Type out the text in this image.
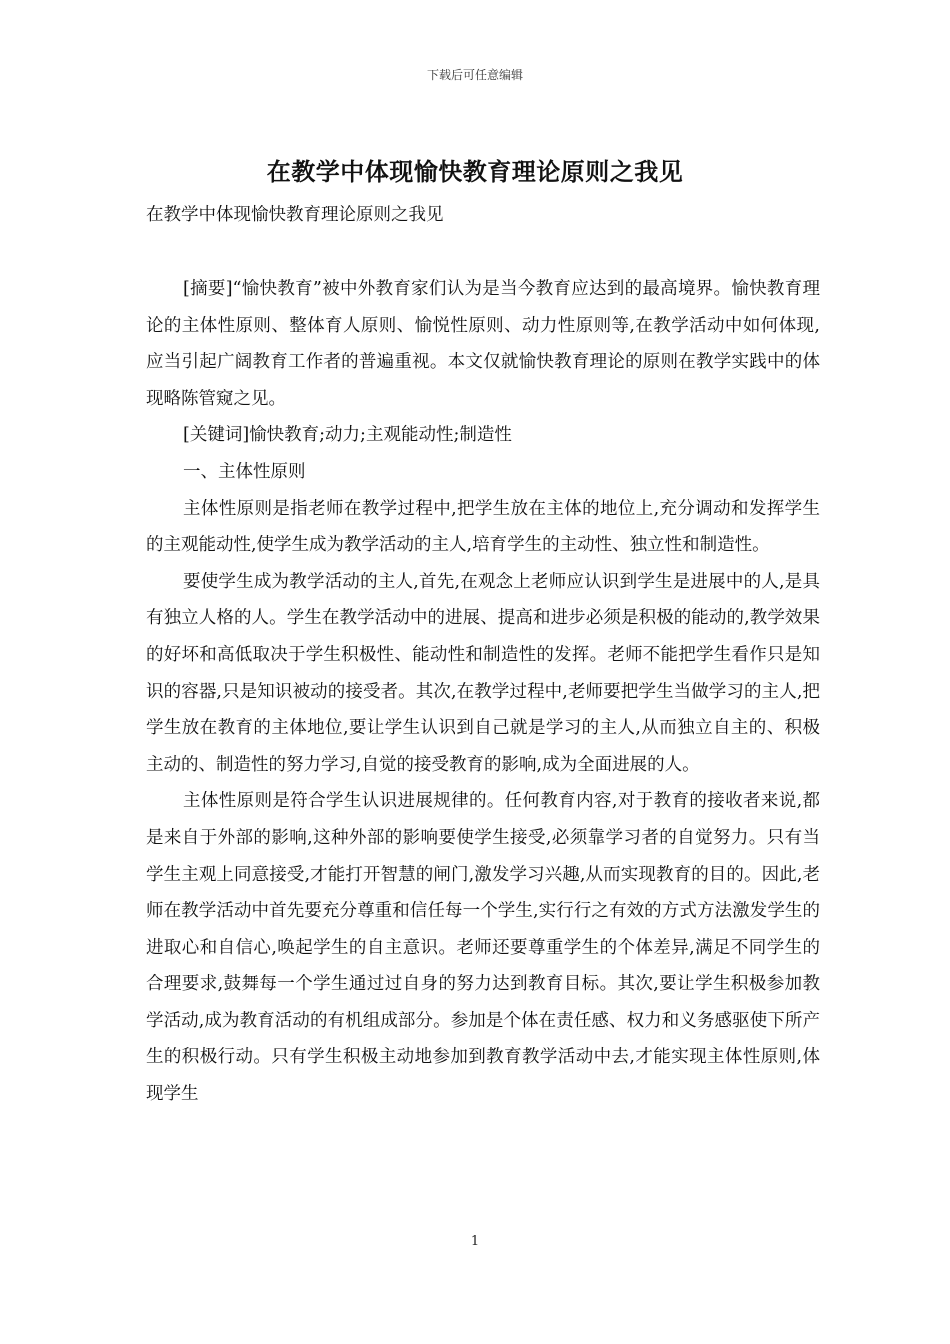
下载后可任意编辑
在教学中体现愉快教育理论原则之我见
在教学中体现愉快教育理论原则之我见

[摘要]“愉快教育”被中外教育家们认为是当今教育应达到的最高境界。愉快教育理论的主体性原则、整体育人原则、愉悦性原则、动力性原则等,在教学活动中如何体现,应当引起广阔教育工作者的普遍重视。本文仅就愉快教育理论的原则在教学实践中的体现略陈管窥之见。

[关键词]愉快教育;动力;主观能动性;制造性

一、主体性原则

主体性原则是指老师在教学过程中,把学生放在主体的地位上,充分调动和发挥学生的主观能动性,使学生成为教学活动的主人,培育学生的主动性、独立性和制造性。

要使学生成为教学活动的主人,首先,在观念上老师应认识到学生是进展中的人,是具有独立人格的人。学生在教学活动中的进展、提高和进步必须是积极的能动的,教学效果的好坏和高低取决于学生积极性、能动性和制造性的发挥。老师不能把学生看作只是知识的容器,只是知识被动的接受者。其次,在教学过程中,老师要把学生当做学习的主人,把学生放在教育的主体地位,要让学生认识到自己就是学习的主人,从而独立自主的、积极主动的、制造性的努力学习,自觉的接受教育的影响,成为全面进展的人。

主体性原则是符合学生认识进展规律的。任何教育内容,对于教育的接收者来说,都是来自于外部的影响,这种外部的影响要使学生接受,必须靠学习者的自觉努力。只有当学生主观上同意接受,才能打开智慧的闸门,激发学习兴趣,从而实现教育的目的。因此,老师在教学活动中首先要充分尊重和信任每一个学生,实行行之有效的方式方法激发学生的进取心和自信心,唤起学生的自主意识。老师还要尊重学生的个体差异,满足不同学生的合理要求,鼓舞每一个学生通过过自身的努力达到教育目标。其次,要让学生积极参加教学活动,成为教育活动的有机组成部分。参加是个体在责任感、权力和义务感驱使下所产生的积极行动。只有学生积极主动地参加到教育教学活动中去,才能实现主体性原则,体现学生

1
